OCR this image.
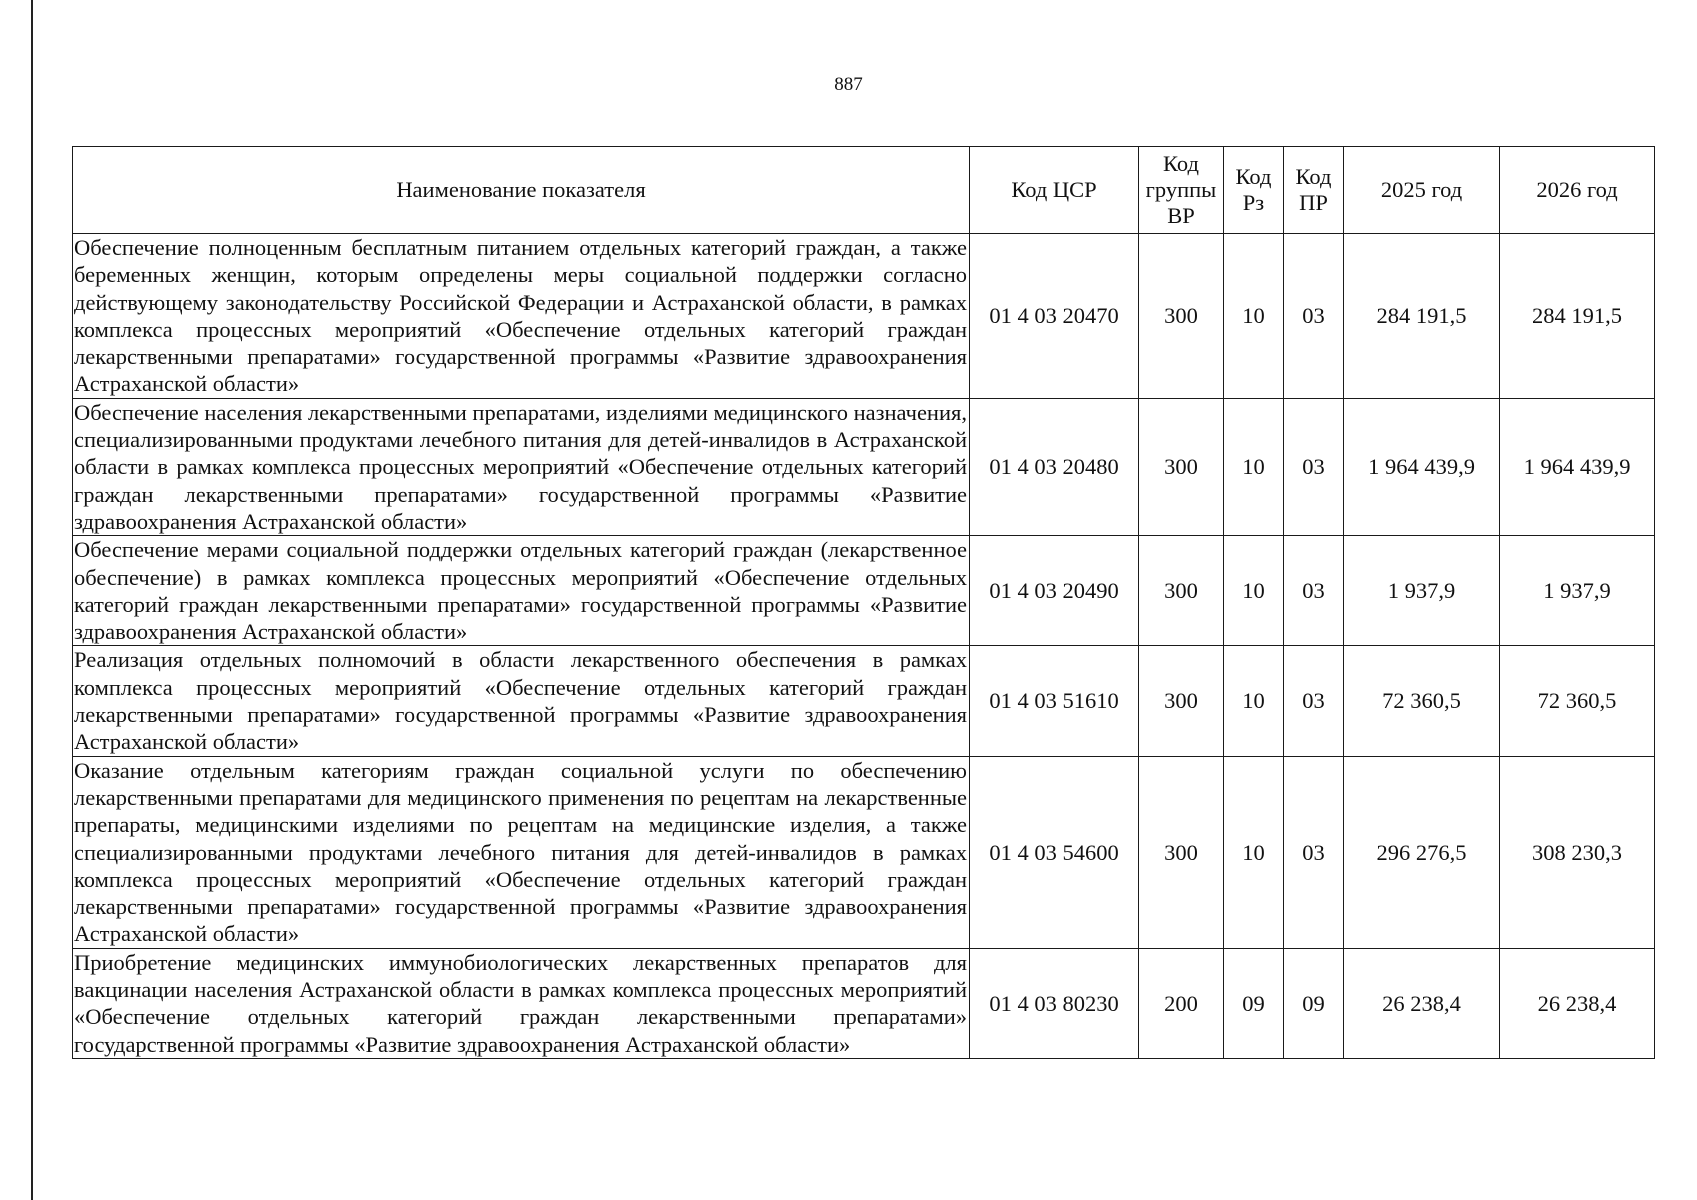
887
Наименование показателя	Код ЦСР	Код группы ВР	Код Рз	Код ПР	2025 год	2026 год
Обеспечение полноценным бесплатным питанием отдельных категорий граждан, а также беременных женщин, которым определены меры социальной поддержки согласно действующему законодательству Российской Федерации и Астраханской области, в рамках комплекса процессных мероприятий «Обеспечение отдельных категорий граждан лекарственными препаратами» государственной программы «Развитие здравоохранения Астраханской области»	01 4 03 20470	300	10	03	284 191,5	284 191,5
Обеспечение населения лекарственными препаратами, изделиями медицинского назначения, специализированными продуктами лечебного питания для детей-инвалидов в Астраханской области в рамках комплекса процессных мероприятий «Обеспечение отдельных категорий граждан лекарственными препаратами» государственной программы «Развитие здравоохранения Астраханской области»	01 4 03 20480	300	10	03	1 964 439,9	1 964 439,9
Обеспечение мерами социальной поддержки отдельных категорий граждан (лекарственное обеспечение) в рамках комплекса процессных мероприятий «Обеспечение отдельных категорий граждан лекарственными препаратами» государственной программы «Развитие здравоохранения Астраханской области»	01 4 03 20490	300	10	03	1 937,9	1 937,9
Реализация отдельных полномочий в области лекарственного обеспечения в рамках комплекса процессных мероприятий «Обеспечение отдельных категорий граждан лекарственными препаратами» государственной программы «Развитие здравоохранения Астраханской области»	01 4 03 51610	300	10	03	72 360,5	72 360,5
Оказание отдельным категориям граждан социальной услуги по обеспечению лекарственными препаратами для медицинского применения по рецептам на лекарственные препараты, медицинскими изделиями по рецептам на медицинские изделия, а также специализированными продуктами лечебного питания для детей-инвалидов в рамках комплекса процессных мероприятий «Обеспечение отдельных категорий граждан лекарственными препаратами» государственной программы «Развитие здравоохранения Астраханской области»	01 4 03 54600	300	10	03	296 276,5	308 230,3
Приобретение медицинских иммунобиологических лекарственных препаратов для вакцинации населения Астраханской области в рамках комплекса процессных мероприятий «Обеспечение отдельных категорий граждан лекарственными препаратами» государственной программы «Развитие здравоохранения Астраханской области»	01 4 03 80230	200	09	09	26 238,4	26 238,4
